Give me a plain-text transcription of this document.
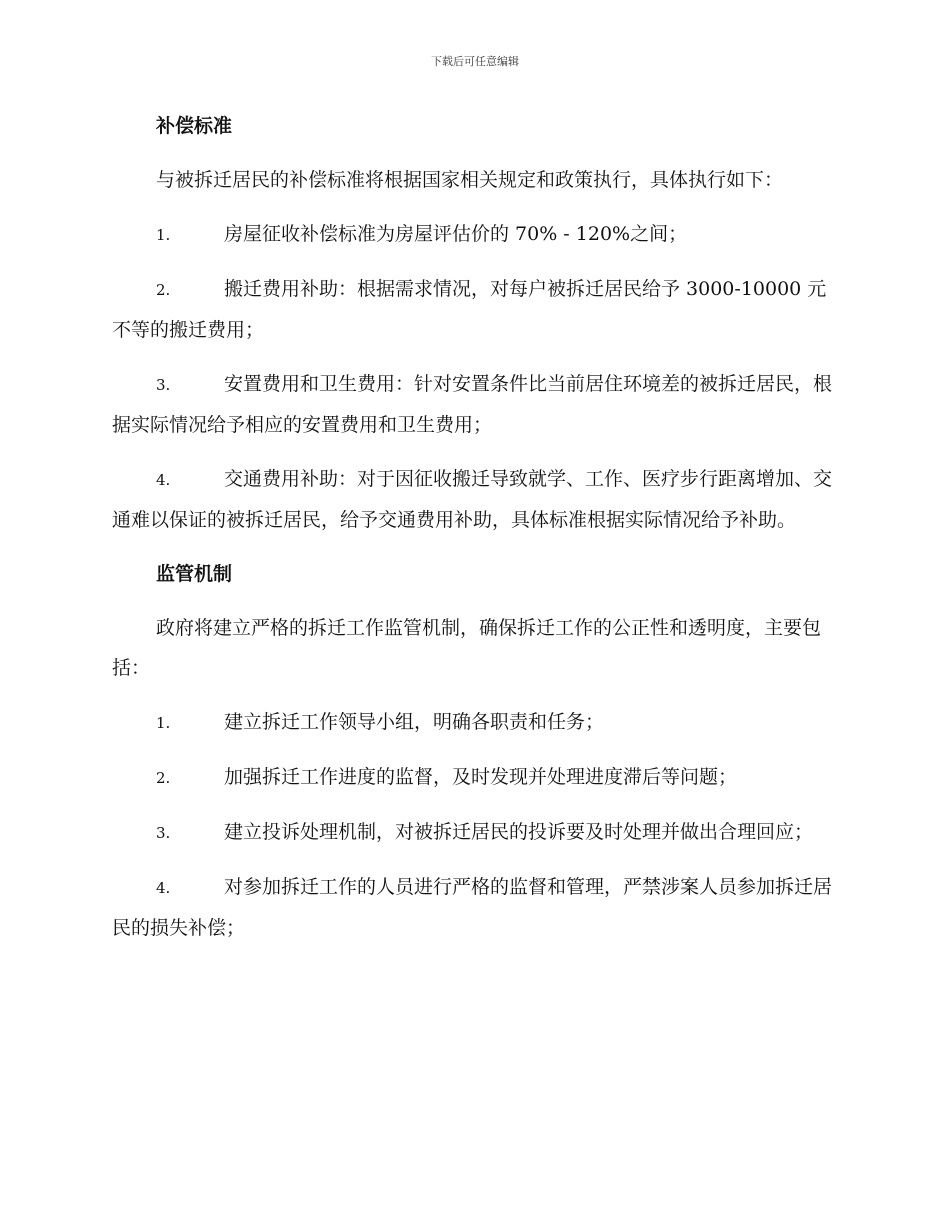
下载后可任意编辑
补偿标准
与被拆迁居民的补偿标准将根据国家相关规定和政策执行，具体执行如下：
1.	房屋征收补偿标准为房屋评估价的 70% - 120%之间；
2.	搬迁费用补助：根据需求情况，对每户被拆迁居民给予 3000-10000 元不等的搬迁费用；
3.	安置费用和卫生费用：针对安置条件比当前居住环境差的被拆迁居民，根据实际情况给予相应的安置费用和卫生费用；
4.	交通费用补助：对于因征收搬迁导致就学、工作、医疗步行距离增加、交通难以保证的被拆迁居民，给予交通费用补助，具体标准根据实际情况给予补助。
监管机制
政府将建立严格的拆迁工作监管机制，确保拆迁工作的公正性和透明度，主要包括：
1.	建立拆迁工作领导小组，明确各职责和任务；
2.	加强拆迁工作进度的监督，及时发现并处理进度滞后等问题；
3.	建立投诉处理机制，对被拆迁居民的投诉要及时处理并做出合理回应；
4.	对参加拆迁工作的人员进行严格的监督和管理，严禁涉案人员参加拆迁居民的损失补偿；
